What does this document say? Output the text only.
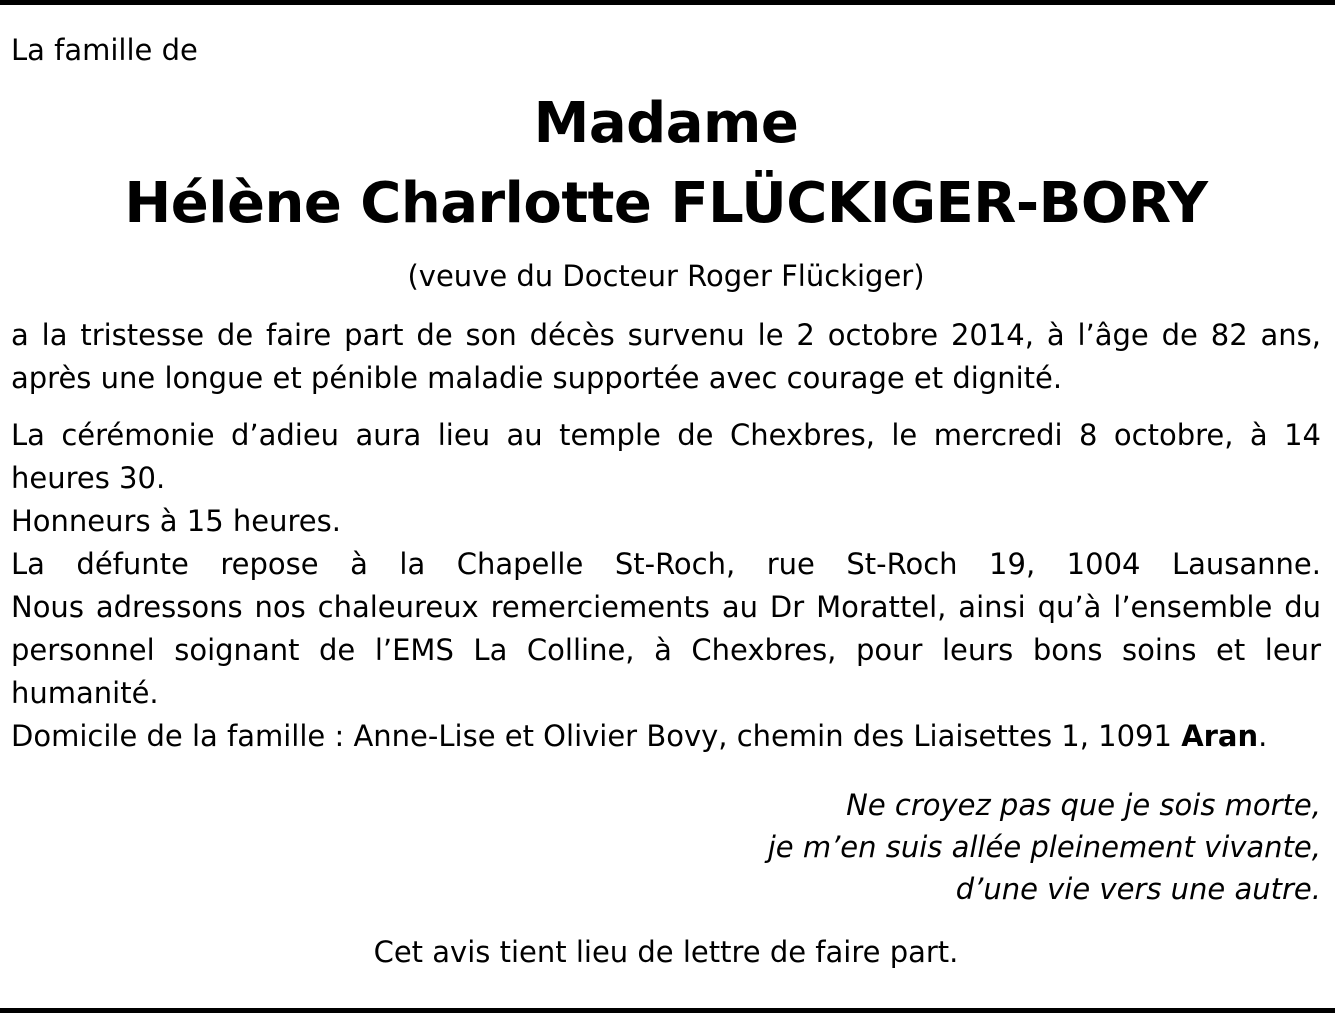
La famille de

Madame
Hélène Charlotte FLÜCKIGER-BORY

(veuve du Docteur Roger Flückiger)

a la tristesse de faire part de son décès survenu le 2 octobre 2014, à l’âge de 82 ans, après une longue et pénible maladie supportée avec courage et dignité.

La cérémonie d’adieu aura lieu au temple de Chexbres, le mercredi 8 octobre, à 14 heures 30.

Honneurs à 15 heures.

La défunte repose à la Chapelle St-Roch, rue St-Roch 19, 1004 Lausanne.

Nous adressons nos chaleureux remerciements au Dr Morattel, ainsi qu’à l’ensemble du personnel soignant de l’EMS La Colline, à Chexbres, pour leurs bons soins et leur humanité.

Domicile de la famille : Anne-Lise et Olivier Bovy, chemin des Liaisettes 1, 1091 Aran.

Ne croyez pas que je sois morte,
je m’en suis allée pleinement vivante,
d’une vie vers une autre.

Cet avis tient lieu de lettre de faire part.
